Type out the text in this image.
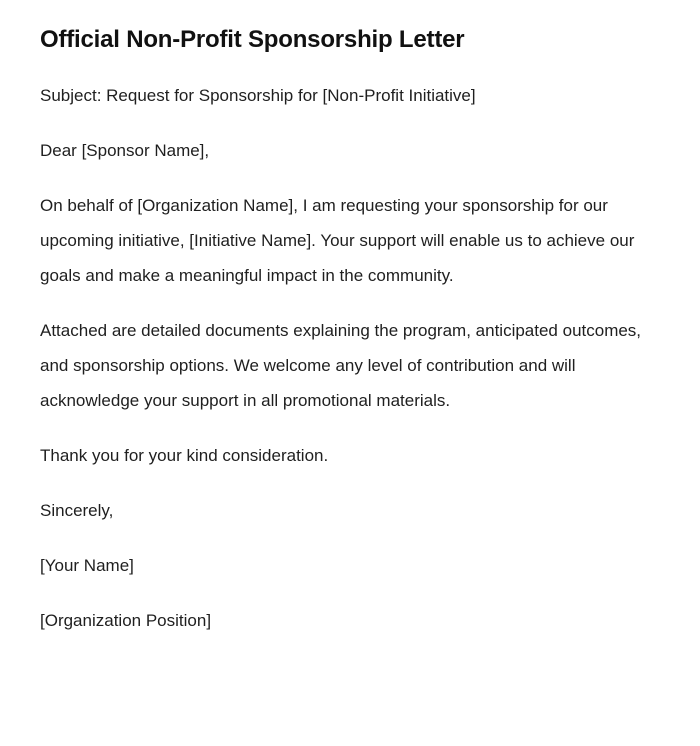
Official Non-Profit Sponsorship Letter

Subject: Request for Sponsorship for [Non-Profit Initiative]

Dear [Sponsor Name],

On behalf of [Organization Name], I am requesting your sponsorship for our upcoming initiative, [Initiative Name]. Your support will enable us to achieve our goals and make a meaningful impact in the community.

Attached are detailed documents explaining the program, anticipated outcomes, and sponsorship options. We welcome any level of contribution and will acknowledge your support in all promotional materials.

Thank you for your kind consideration.

Sincerely,

[Your Name]

[Organization Position]
